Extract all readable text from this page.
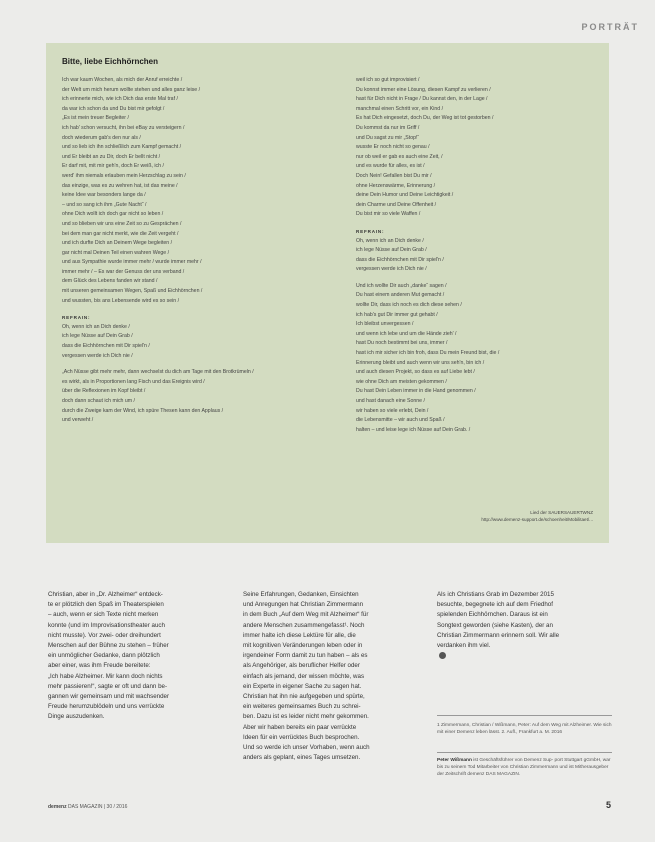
PORTRÄT
Bitte, liebe Eichhörnchen
Ich war kaum Wochen, als mich der Anruf erreichte /
der Welt um mich herum wollte stehen und alles ganz leise /
ich erinnerte mich, wie ich Dich das erste Mal traf /
da war ich schon da und Du bist mir gefolgt /
„Es ist mein treuer Begleiter /
ich hab' schon versucht, ihn bei eBay zu versteigern /
doch wiederum gab's den nur als /
und so lieb ich ihn schließlich zum Kampf gemacht /
und Er bleibt an zu Dir, doch Er bellt nicht /
Er darf mit, mit mir geh'n, doch Er weiß, ich /
werd' ihm niemals erlauben mein Herzschlag zu sein /
das einzige, was es zu wehren hat, ist das meine /
keine Idee war besonders lange da /
– und so sang ich ihm „Gute Nacht“ /
ohne Dich wollt ich doch gar nicht so leben /
und so blieben wir uns eine Zeit so zu Gesprächen /
bei dem man gar nicht merkt, wie die Zeit vergeht /
und ich durfte Dich an Deinem Wege begleiten /
gar nicht mal Deinen Teil einen wahren Wege /
und aus Sympathie wurde immer mehr / wurde immer mehr /
immer mehr / – Es war der Genuss der uns verband /
dem Glück des Lebens fanden wir stand /
mit unseren gemeinsamen Wegen, Spaß und Eichhörnchen /
und wussten, bis ans Lebensende wird es so sein /
REFRAIN:
Oh, wenn ich an Dich denke /
ich lege Nüsse auf Dein Grab /
dass die Eichhörnchen mit Dir spiel'n /
vergessen werde ich Dich nie /
„Ach Nüsse gibt mehr mehr, dann wechselst du dich am Tage mit den Brotkrümeln /
es wirkt, als in Proportionen lang Fisch und das Ereignis wird /
über die Reflexionen im Kopf bleibt /
doch dann schaut ich mich um /
durch die Zweige kam der Wind, ich spüre Thesen kann den Applaus /
und verweht /
weil ich so gut improvisiert /
Du konnst immer eine Lösung, diesen Kampf zu verlieren /
hast für Dich nicht in Frage / Du kannst den, in der Lage /
manchmal einen Schritt vor, ein Kind /
Es hat Dich eingesetzt, doch Du, der Weg ist tot gestorben /
Du kommst da nur im Griff /
und Du sagst zu mir „Stop!“
wusste Er noch nicht so genau /
nur ob weil er gab es auch eine Zeit, /
und es wurde für alles, es ist /
Doch Nein! Gefallen bist Du mir /
ohne Herzenswärme, Erinnerung /
deine Dein Humor und Deine Leichtigkeit /
dein Charme und Deine Offenheit /
Du bist mir so viele Waffen /
REFRAIN:
Oh, wenn ich an Dich denke /
ich lege Nüsse auf Dein Grab /
dass die Eichhörnchen mit Dir spiel'n /
vergessen werde ich Dich nie /
Und ich wollte Dir auch „danke“ sagen /
Du hast einem anderen Mut gemacht /
wollte Dir, dass ich noch es dich diese sehen /
ich hab's gut Dir immer gut gehabt /
Ich bleibst unvergessen /
und wenn ich lebe und um die Hände zieh' /
hast Du noch bestimmt bei uns, immer /
hast ich mir sicher ich bin froh, dass Du mein Freund bist, die /
Erinnerung bleibt und auch wenn wir uns seh'n, bin ich /
und auch diesen Projekt, so dass es auf Liebe lebt /
wie ohne Dich am meisten gekommen /
Du hast Dein Leben immer in die Hand genommen /
und hast danach eine Sonne /
wir haben so viele erlebt, Dein /
die Lebensmitte – wir auch und Spaß /
halten – und leise lege ich Nüsse auf Dein Grab. /
Lied der SAUERSAUERTWNZ
http://www.demenz-support.de/schoenheit/Mobilitaet/...
Christian, aber in „Dr. Alzheimer“ entdeck-
te er plötzlich den Spaß im Theaterspielen
– auch, wenn er sich Texte nicht merken
konnte (und im Improvisationstheater auch
nicht musste). Vor zwei- oder dreihundert
Menschen auf der Bühne zu stehen – früher
ein unmöglicher Gedanke, dann plötzlich
aber einer, was ihm Freude bereitete:
„Ich habe Alzheimer. Mir kann doch nichts
mehr passieren!“, sagte er oft und dann be-
gannen wir gemeinsam und mit wachsender
Freude herumzublödeln und uns verrückte
Dinge auszudenken.
Seine Erfahrungen, Gedanken, Einsichten
und Anregungen hat Christian Zimmermann
in dem Buch „Auf dem Weg mit Alzheimer“ für
andere Menschen zusammengefasst¹. Noch
immer halte ich diese Lektüre für alle, die
mit kognitiven Veränderungen leben oder in
irgendeiner Form damit zu tun haben – als es
als Angehöriger, als beruflicher Helfer oder
einfach als jemand, der wissen möchte, was
ein Experte in eigener Sache zu sagen hat.
Christian hat ihn nie aufgegeben und spürte,
ein weiteres gemeinsames Buch zu schrei-
ben. Dazu ist es leider nicht mehr gekommen.
Aber wir haben bereits ein paar verrückte
Ideen für ein verrücktes Buch besprochen.
Und so werde ich unser Vorhaben, wenn auch
anders als geplant, eines Tages umsetzen.
Als ich Christians Grab im Dezember 2015
besuchte, begegnete ich auf dem Friedhof
spielenden Eichhörnchen. Daraus ist ein
Songtext geworden (siehe Kasten), der an
Christian Zimmermann erinnern soll. Wir alle
verdanken ihm viel.
1 Zimmermann, Christian / Wißmann, Peter: Auf dem Weg mit Alzheimer. Wie sich mit einer Demenz leben lässt. 2. Aufl., Frankfurt a. M. 2016
Peter Wißmann ist Geschäftsführer von Demenz Sup- port Stuttgart gGmbH, war bis zu seinem Tod Mitarbeiter von Christian Zimmermann und ist Mitherausgeber der Zeitschrift demenz DAS MAGAZIN.
demenz DAS MAGAZIN | 30 / 2016	5
